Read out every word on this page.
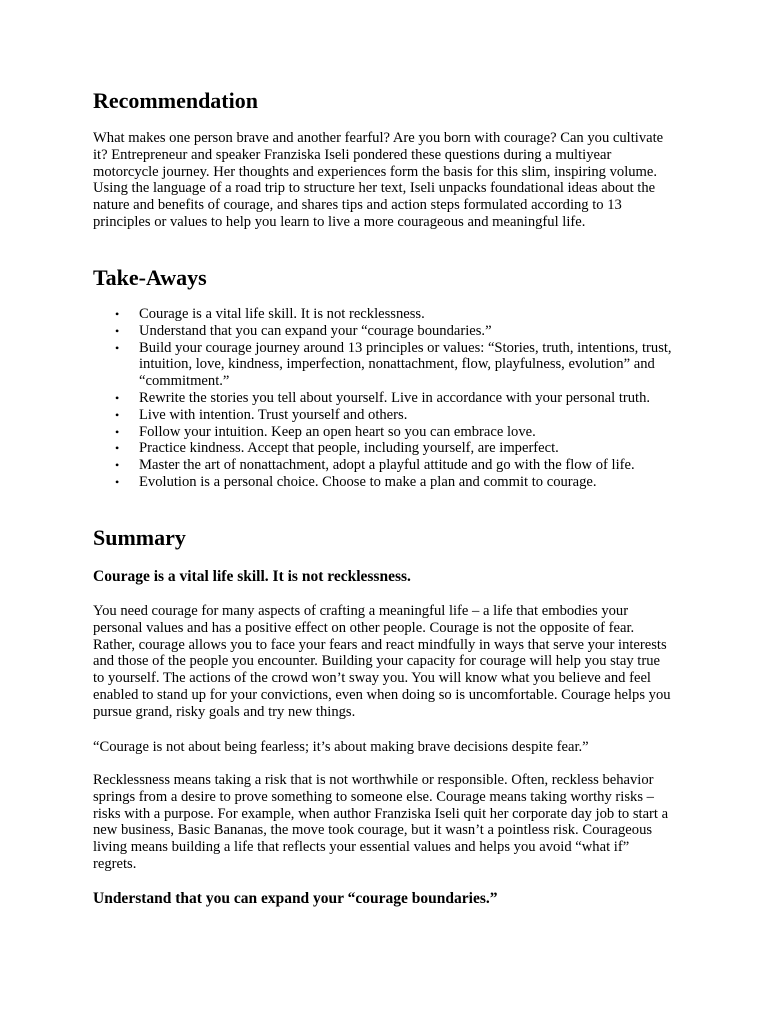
Recommendation

What makes one person brave and another fearful? Are you born with courage? Can you cultivate it? Entrepreneur and speaker Franziska Iseli pondered these questions during a multiyear motorcycle journey. Her thoughts and experiences form the basis for this slim, inspiring volume. Using the language of a road trip to structure her text, Iseli unpacks foundational ideas about the nature and benefits of courage, and shares tips and action steps formulated according to 13 principles or values to help you learn to live a more courageous and meaningful life.

Take-Aways
• Courage is a vital life skill. It is not recklessness.
• Understand that you can expand your “courage boundaries.”
• Build your courage journey around 13 principles or values: “Stories, truth, intentions, trust, intuition, love, kindness, imperfection, nonattachment, flow, playfulness, evolution” and “commitment.”
• Rewrite the stories you tell about yourself. Live in accordance with your personal truth.
• Live with intention. Trust yourself and others.
• Follow your intuition. Keep an open heart so you can embrace love.
• Practice kindness. Accept that people, including yourself, are imperfect.
• Master the art of nonattachment, adopt a playful attitude and go with the flow of life.
• Evolution is a personal choice. Choose to make a plan and commit to courage.
Summary
Courage is a vital life skill. It is not recklessness.

You need courage for many aspects of crafting a meaningful life – a life that embodies your personal values and has a positive effect on other people. Courage is not the opposite of fear. Rather, courage allows you to face your fears and react mindfully in ways that serve your interests and those of the people you encounter. Building your capacity for courage will help you stay true to yourself. The actions of the crowd won’t sway you. You will know what you believe and feel enabled to stand up for your convictions, even when doing so is uncomfortable. Courage helps you pursue grand, risky goals and try new things.

“Courage is not about being fearless; it’s about making brave decisions despite fear.”

Recklessness means taking a risk that is not worthwhile or responsible. Often, reckless behavior springs from a desire to prove something to someone else. Courage means taking worthy risks – risks with a purpose. For example, when author Franziska Iseli quit her corporate day job to start a new business, Basic Bananas, the move took courage, but it wasn’t a pointless risk. Courageous living means building a life that reflects your essential values and helps you avoid “what if” regrets.

Understand that you can expand your “courage boundaries.”
